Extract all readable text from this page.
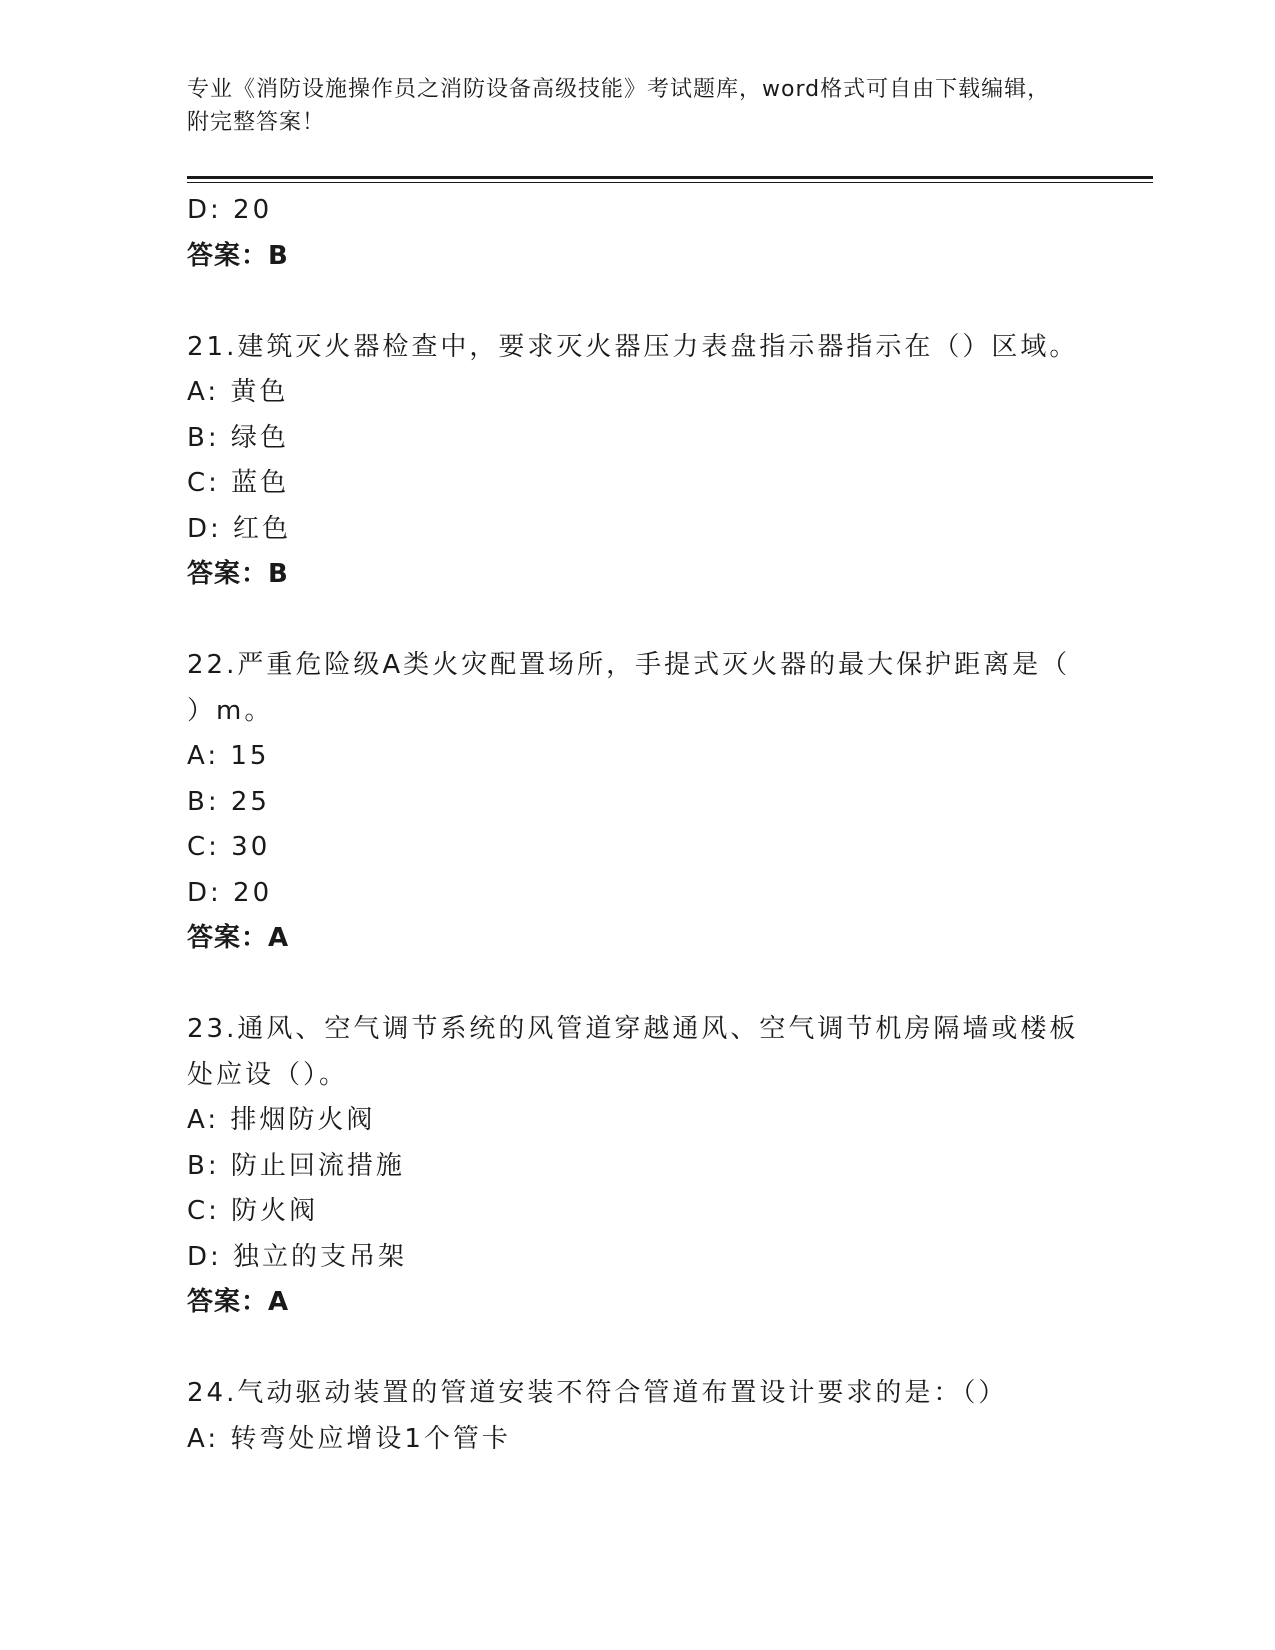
专业《消防设施操作员之消防设备高级技能》考试题库，word格式可自由下载编辑，附完整答案！

D: 20

答案：B

21.建筑灭火器检查中，要求灭火器压力表盘指示器指示在（）区域。

A: 黄色

B: 绿色

C: 蓝色

D: 红色

答案：B

22.严重危险级A类火灾配置场所，手提式灭火器的最大保护距离是（

）m。

A: 15

B: 25

C: 30

D: 20

答案：A

23.通风、空气调节系统的风管道穿越通风、空气调节机房隔墙或楼板

处应设（）。

A: 排烟防火阀

B: 防止回流措施

C: 防火阀

D: 独立的支吊架

答案：A

24.气动驱动装置的管道安装不符合管道布置设计要求的是：（）

A: 转弯处应增设1个管卡
